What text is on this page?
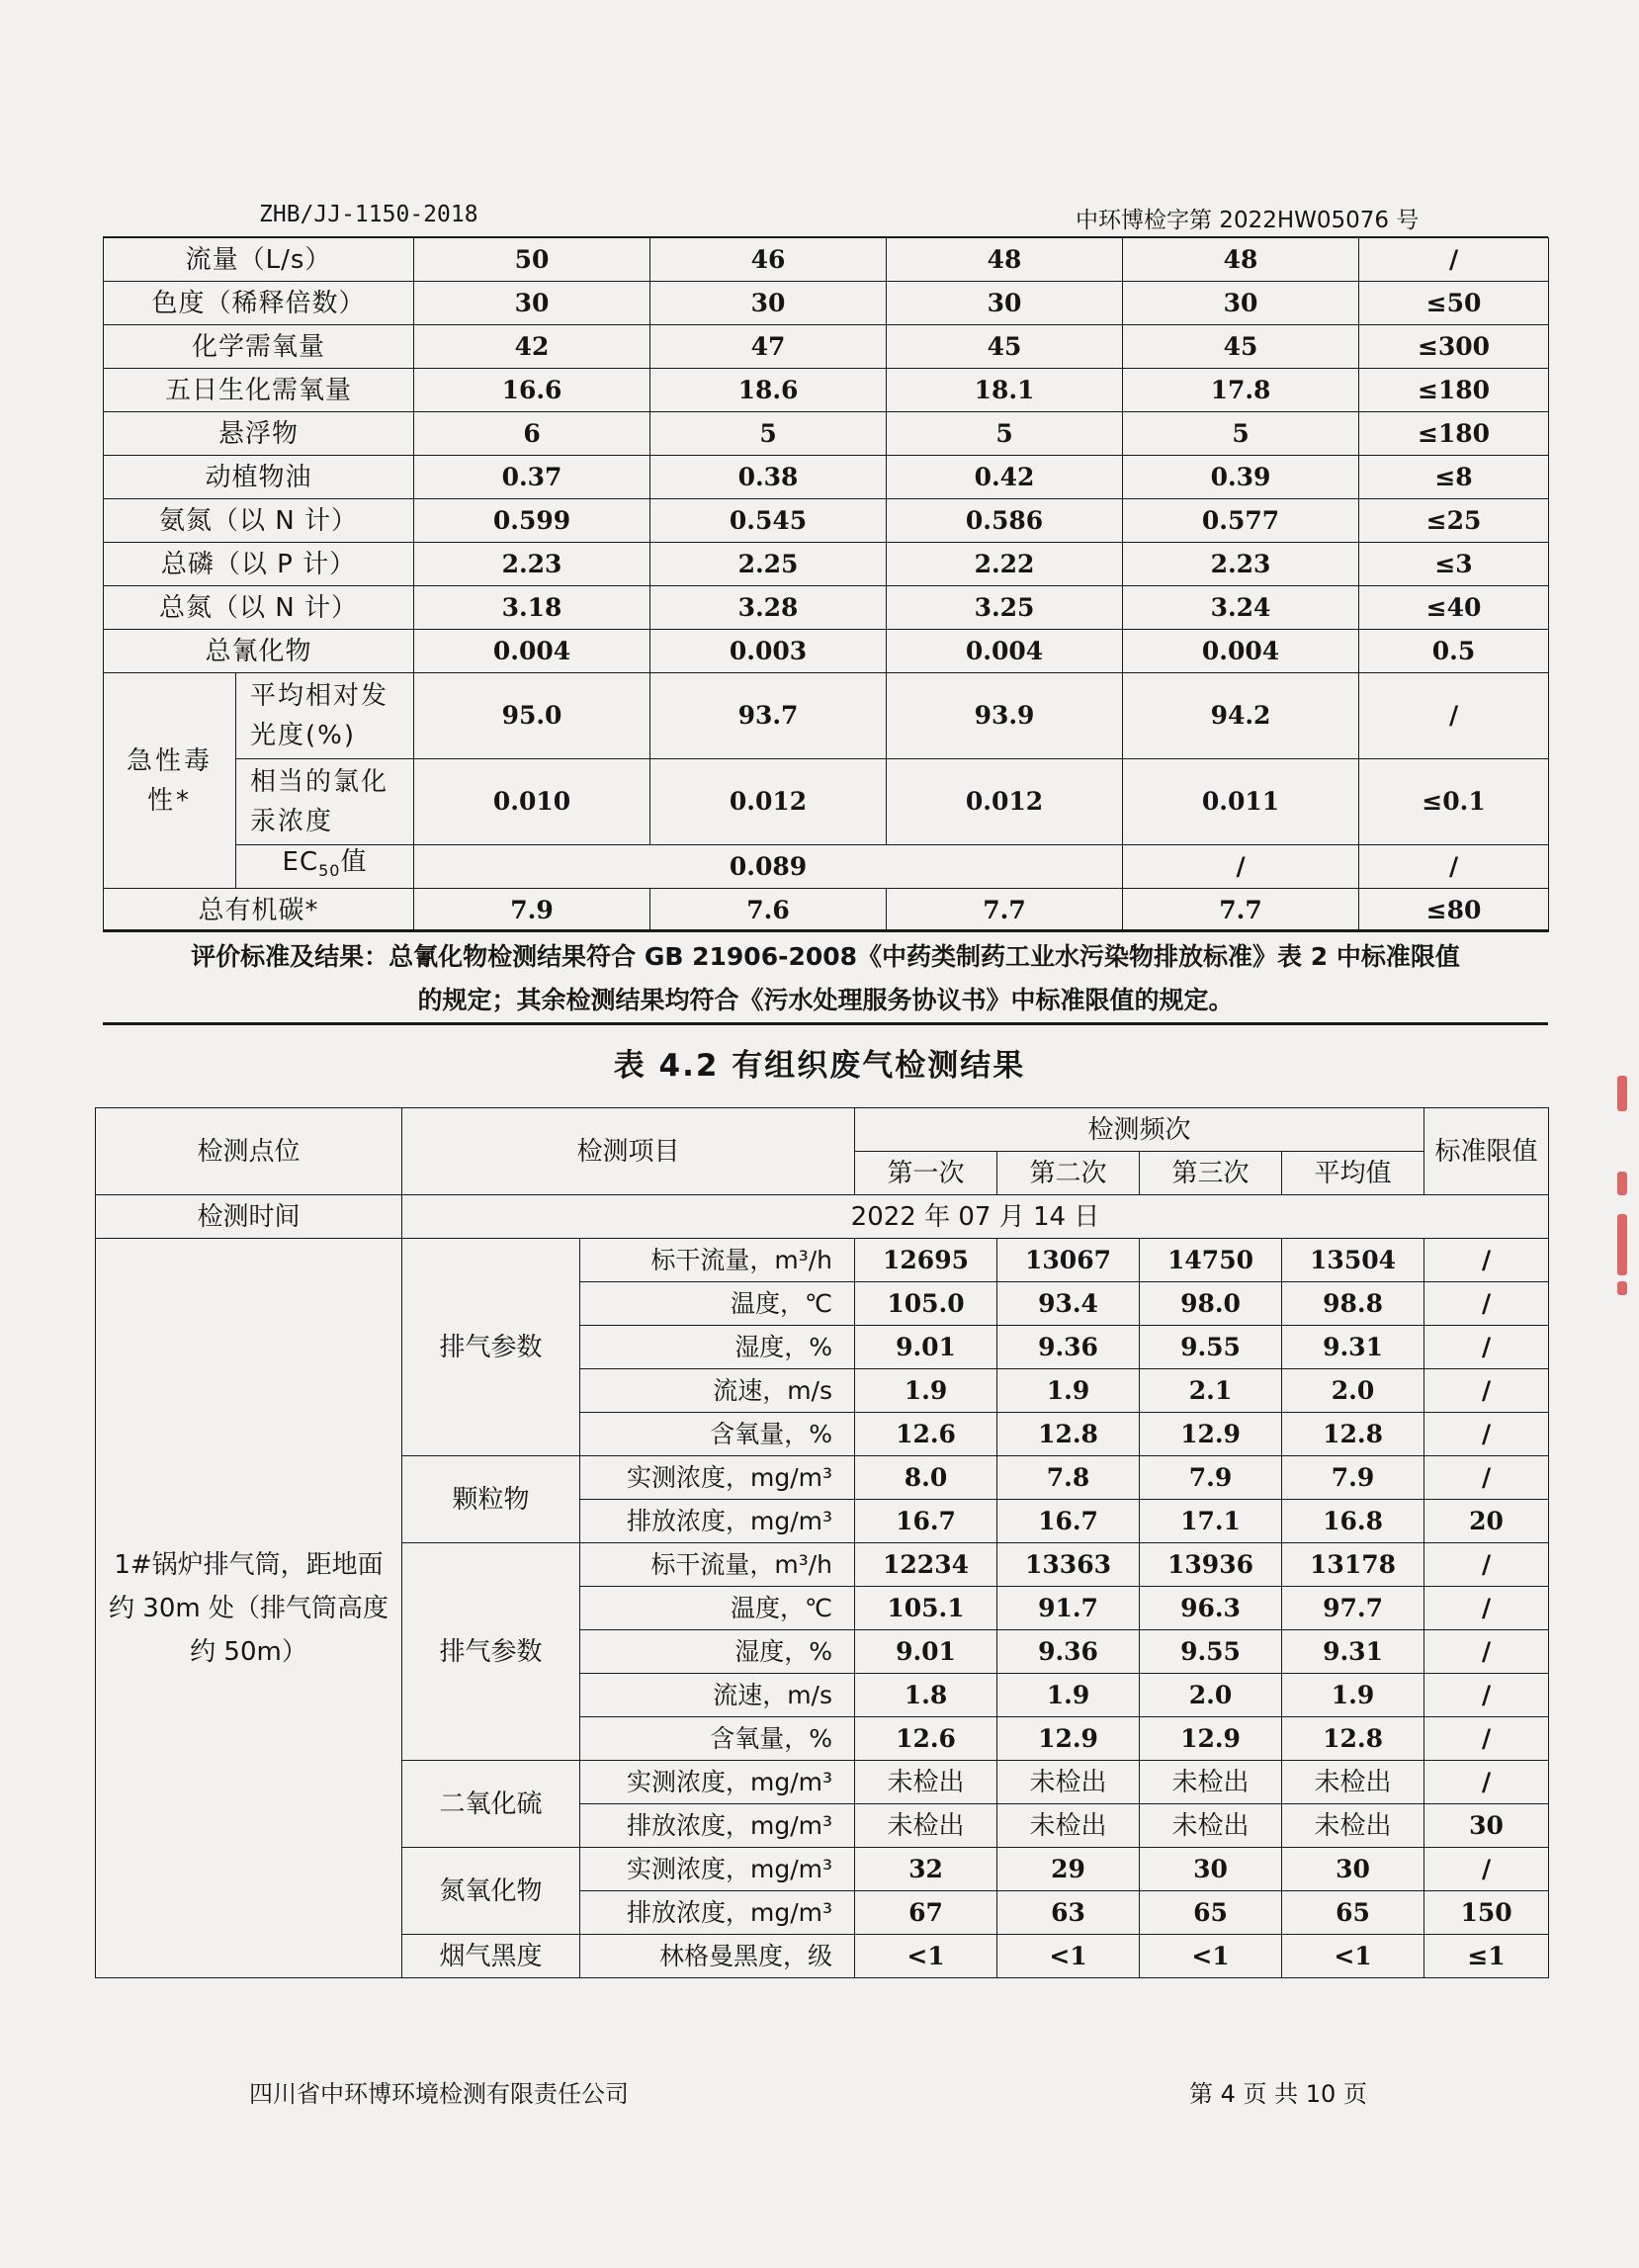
ZHB/JJ-1150-2018	中环博检字第 2022HW05076 号
流量（L/s）		50	46	48	48	/
色度（稀释倍数）		30	30	30	30	≤50
化学需氧量		42	47	45	45	≤300
五日生化需氧量		16.6	18.6	18.1	17.8	≤180
悬浮物		6	5	5	5	≤180
动植物油		0.37	0.38	0.42	0.39	≤8
氨氮（以 N 计）		0.599	0.545	0.586	0.577	≤25
总磷（以 P 计）		2.23	2.25	2.22	2.23	≤3
总氮（以 N 计）		3.18	3.28	3.25	3.24	≤40
总氰化物		0.004	0.003	0.004	0.004	0.5
急性毒性*	平均相对发光度(%)	95.0	93.7	93.9	94.2	/
	相当的氯化汞浓度	0.010	0.012	0.012	0.011	≤0.1
	$EC_{50}$值	0.089			/	/
总有机碳*		7.9	7.6	7.7	7.7	≤80
评价标准及结果：总氰化物检测结果符合 GB 21906-2008《中药类制药工业水污染物排放标准》表 2 中标准限值
的规定；其余检测结果均符合《污水处理服务协议书》中标准限值的规定。
表 4.2 有组织废气检测结果
检测点位	检测项目		检测频次				标准限值
			第一次	第二次	第三次	平均值	
检测时间	2022 年 07 月 14 日						
1#锅炉排气筒，距地面约 30m 处（排气筒高度约 50m）	排气参数	标干流量，m³/h	12695	13067	14750	13504	/
		温度，℃	105.0	93.4	98.0	98.8	/
		湿度，%	9.01	9.36	9.55	9.31	/
		流速，m/s	1.9	1.9	2.1	2.0	/
		含氧量，%	12.6	12.8	12.9	12.8	/
	颗粒物	实测浓度，mg/m³	8.0	7.8	7.9	7.9	/
		排放浓度，mg/m³	16.7	16.7	17.1	16.8	20
	排气参数	标干流量，m³/h	12234	13363	13936	13178	/
		温度，℃	105.1	91.7	96.3	97.7	/
		湿度，%	9.01	9.36	9.55	9.31	/
		流速，m/s	1.8	1.9	2.0	1.9	/
		含氧量，%	12.6	12.9	12.9	12.8	/
	二氧化硫	实测浓度，mg/m³	未检出	未检出	未检出	未检出	/
		排放浓度，mg/m³	未检出	未检出	未检出	未检出	30
	氮氧化物	实测浓度，mg/m³	32	29	30	30	/
		排放浓度，mg/m³	67	63	65	65	150
	烟气黑度	林格曼黑度，级	<1	<1	<1	<1	≤1
四川省中环博环境检测有限责任公司	第 4 页 共 10 页
